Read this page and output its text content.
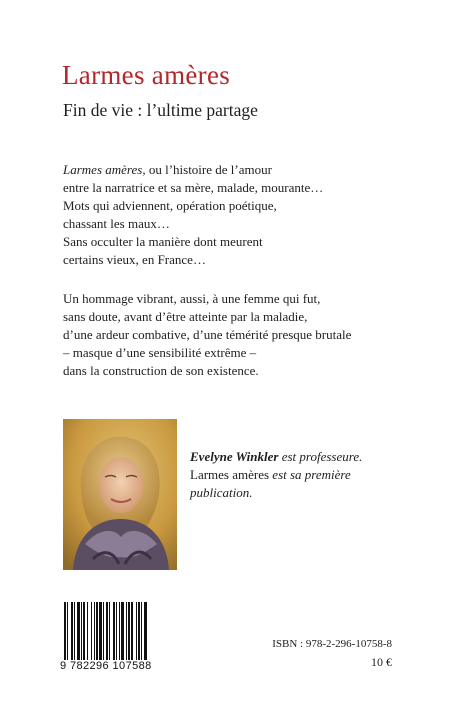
Larmes amères
Fin de vie : l’ultime partage

Larmes amères, ou l’histoire de l’amour

entre la narratrice et sa mère, malade, mourante…

Mots qui adviennent, opération poétique,

chassant les maux…

Sans occulter la manière dont meurent

certains vieux, en France…

Un hommage vibrant, aussi, à une femme qui fut,

sans doute, avant d’être atteinte par la maladie,

d’une ardeur combative, d’une témérité presque brutale

– masque d’une sensibilité extrême –

dans la construction de son existence.

Evelyne Winkler est professeure.
Larmes amères est sa première
publication.
9 782296 107588
ISBN : 978-2-296-10758-8
10 €
